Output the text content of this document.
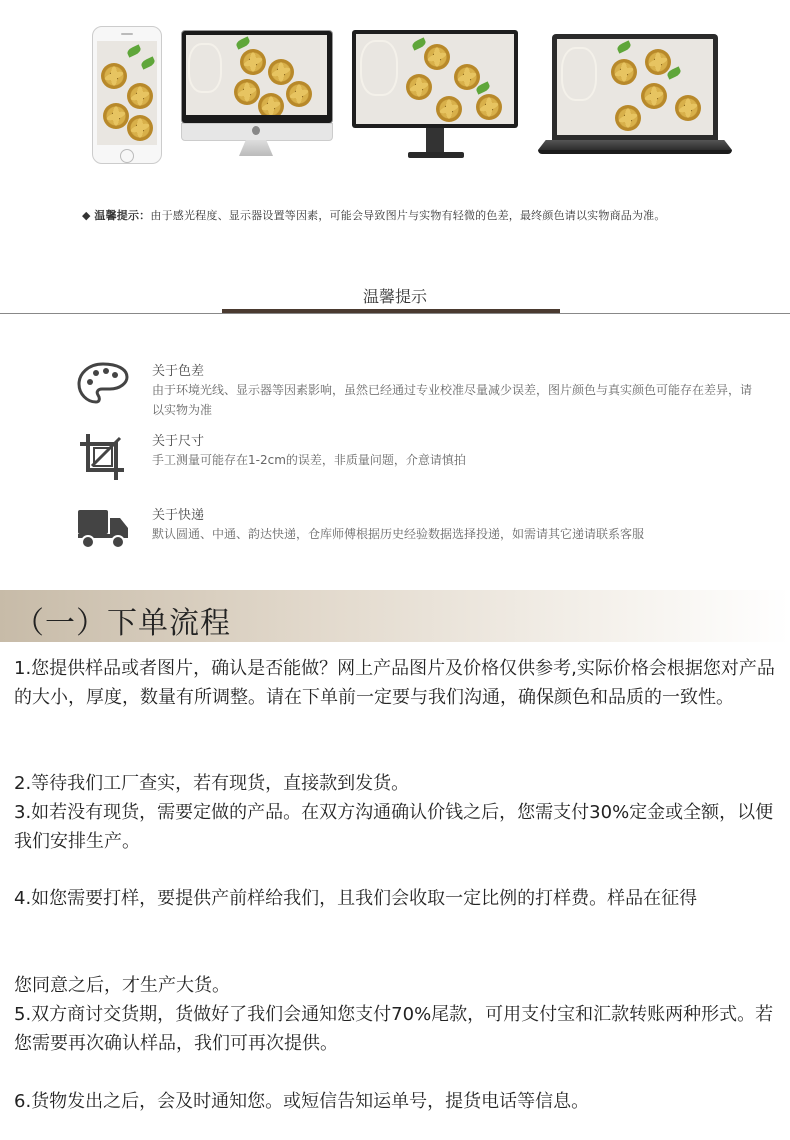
◆ 温馨提示：由于感光程度、显示器设置等因素，可能会导致图片与实物有轻微的色差，最终颜色请以实物商品为准。
温馨提示
关于色差
由于环境光线、显示器等因素影响，虽然已经通过专业校准尽量减少误差，图片颜色与真实颜色可能存在差异，请以实物为准
关于尺寸
手工测量可能存在1-2cm的误差，非质量问题，介意请慎拍
关于快递
默认圆通、中通、韵达快递，仓库师傅根据历史经验数据选择投递，如需请其它递请联系客服
（一）下单流程

1.您提供样品或者图片，确认是否能做？网上产品图片及价格仅供参考,实际价格会根据您对产品的大小，厚度，数量有所调整。请在下单前一定要与我们沟通，确保颜色和品质的一致性。

2.等待我们工厂查实，若有现货，直接款到发货。

3.如若没有现货，需要定做的产品。在双方沟通确认价钱之后，您需支付30%定金或全额，以便我们安排生产。

4.如您需要打样，要提供产前样给我们，且我们会收取一定比例的打样费。样品在征得

您同意之后，才生产大货。

5.双方商讨交货期，货做好了我们会通知您支付70%尾款，可用支付宝和汇款转账两种形式。若您需要再次确认样品，我们可再次提供。

6.货物发出之后，会及时通知您。或短信告知运单号，提货电话等信息。
